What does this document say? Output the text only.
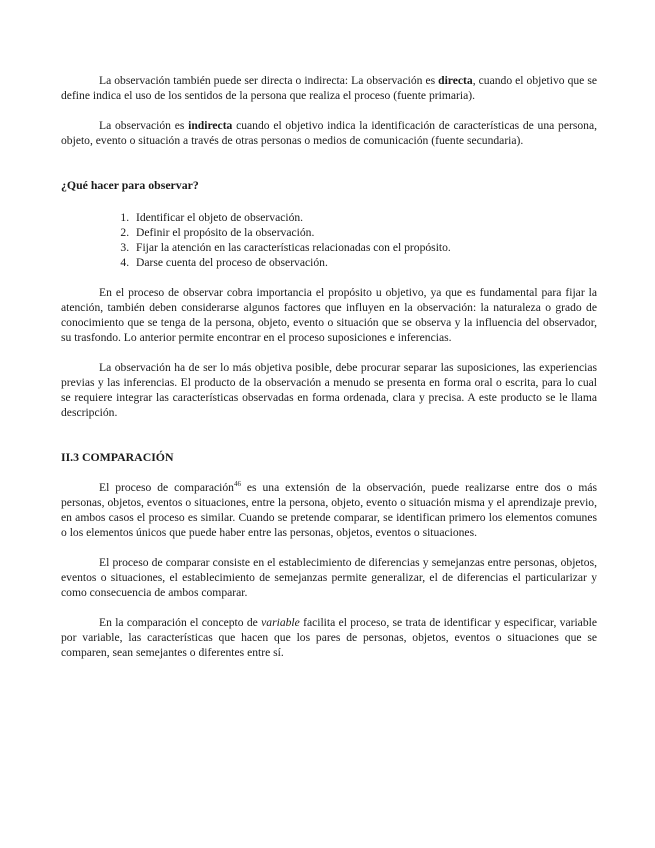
La observación también puede ser directa o indirecta: La observación es directa, cuando el objetivo que se define indica el uso de los sentidos de la persona que realiza el proceso (fuente primaria).

La observación es indirecta cuando el objetivo indica la identificación de características de una persona, objeto, evento o situación a través de otras personas o medios de comunicación (fuente secundaria).

¿Qué hacer para observar?
1. Identificar el objeto de observación.
2. Definir el propósito de la observación.
3. Fijar la atención en las características relacionadas con el propósito.
4. Darse cuenta del proceso de observación.

En el proceso de observar cobra importancia el propósito u objetivo, ya que es fundamental para fijar la atención, también deben considerarse algunos factores que influyen en la observación: la naturaleza o grado de conocimiento que se tenga de la persona, objeto, evento o situación que se observa y la influencia del observador, su trasfondo. Lo anterior permite encontrar en el proceso suposiciones e inferencias.

La observación ha de ser lo más objetiva posible, debe procurar separar las suposiciones, las experiencias previas y las inferencias. El producto de la observación a menudo se presenta en forma oral o escrita, para lo cual se requiere integrar las características observadas en forma ordenada, clara y precisa. A este producto se le llama descripción.

II.3 COMPARACIÓN

El proceso de comparación$^{46}$ es una extensión de la observación, puede realizarse entre dos o más personas, objetos, eventos o situaciones, entre la persona, objeto, evento o situación misma y el aprendizaje previo, en ambos casos el proceso es similar. Cuando se pretende comparar, se identifican primero los elementos comunes o los elementos únicos que puede haber entre las personas, objetos, eventos o situaciones.

El proceso de comparar consiste en el establecimiento de diferencias y semejanzas entre personas, objetos, eventos o situaciones, el establecimiento de semejanzas permite generalizar, el de diferencias el particularizar y como consecuencia de ambos comparar.

En la comparación el concepto de variable facilita el proceso, se trata de identificar y especificar, variable por variable, las características que hacen que los pares de personas, objetos, eventos o situaciones que se comparen, sean semejantes o diferentes entre sí.
